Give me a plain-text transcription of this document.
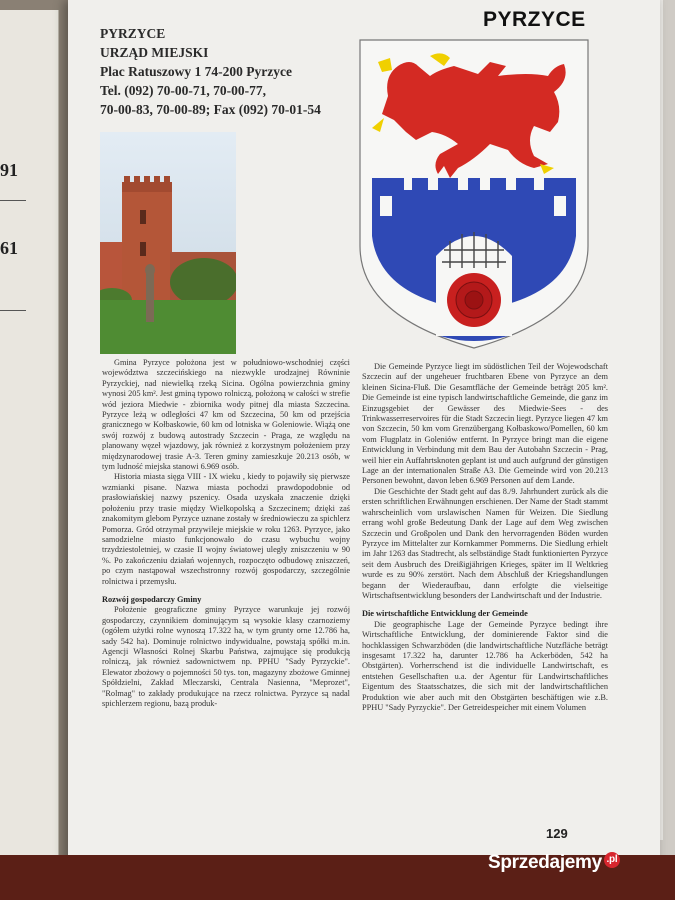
91
61
PYRZYCE
URZĄD MIEJSKI
Plac Ratuszowy 1 74-200 Pyrzyce
Tel. (092) 70-00-71, 70-00-77,
70-00-83, 70-00-89; Fax (092) 70-01-54
PYRZYCE

Gmina Pyrzyce położona jest w południowo-wschodniej części województwa szczecińskiego na niezwykle urodzajnej Równinie Pyrzyckiej, nad niewielką rzeką Sicina. Ogólna powierzchnia gminy wynosi 205 km². Jest gminą typowo rolniczą, położoną w całości w strefie wód jeziora Miedwie - zbiornika wody pitnej dla miasta Szczecina. Pyrzyce leżą w odległości 47 km od Szczecina, 50 km od przejścia granicznego w Kołbaskowie, 60 km od lotniska w Goleniowie. Wiążą one swój rozwój z budową autostrady Szczecin - Praga, ze względu na planowany węzeł wjazdowy, jak również z korzystnym położeniem przy międzynarodowej trasie A-3. Teren gminy zamieszkuje 20.213 osób, w tym ludność miejska stanowi 6.969 osób.

Historia miasta sięga VIII - IX wieku , kiedy to pojawiły się pierwsze wzmianki pisane. Nazwa miasta pochodzi prawdopodobnie od prasłowiańskiej nazwy pszenicy. Osada uzyskała znaczenie dzięki położeniu przy trasie między Wielkopolską a Szczecinem; dzięki zaś znakomitym glebom Pyrzyce uznane zostały w średniowieczu za spichlerz Pomorza. Gród otrzymał przywileje miejskie w roku 1263. Pyrzyce, jako samodzielne miasto funkcjonowało do czasu wybuchu wojny trzydziestoletniej, w czasie II wojny światowej uległy zniszczeniu w 90 %. Po zakończeniu działań wojennych, rozpoczęto odbudowę zniszczeń, po czym nastąpował wszechstronny rozwój gospodarczy, szczególnie rolnictwa i przemysłu.

Rozwój gospodarczy Gminy

Położenie geograficzne gminy Pyrzyce warunkuje jej rozwój gospodarczy, czynnikiem dominującym są wysokie klasy czarnoziemy (ogółem użytki rolne wynoszą 17.322 ha, w tym grunty orne 12.786 ha, sady 542 ha). Dominuje rolnictwo indywidualne, powstają spółki m.in. Agencji Własności Rolnej Skarbu Państwa, zajmujące się produkcją rolniczą, jak również sadownictwem np. PPHU "Sady Pyrzyckie". Elewator zbożowy o pojemności 50 tys. ton, magazyny zbożowe Gminnej Spółdzielni, Zakład Mleczarski, Centrala Nasienna, "Meprozet", "Rolmag" to zakłady produkujące na rzecz rolnictwa. Pyrzyce są nadal spichlerzem regionu, bazą produk-

Die Gemeinde Pyrzyce liegt im südöstlichen Teil der Wojewodschaft Szczecin auf der ungeheuer fruchtbaren Ebene von Pyrzyce an dem kleinen Sicina-Fluß. Die Gesamtfläche der Gemeinde beträgt 205 km². Die Gemeinde ist eine typisch landwirtschaftliche Gemeinde, die ganz im Einzugsgebiet der Gewässer des Miedwie-Sees - des Trinkwasserreservoires für die Stadt Szczecin liegt. Pyrzyce liegen 47 km von Szczecin, 50 km vom Grenzübergang Kołbaskowo/Pomellen, 60 km vom Flugplatz in Goleniów entfernt. In Pyrzyce bringt man die eigene Entwicklung in Verbindung mit dem Bau der Autobahn Szczecin - Prag, weil hier ein Auffahrtsknoten geplant ist und auch aufgrund der günstigen Lage an der internationalen Straße A3. Die Gemeinde wird von 20.213 Personen bewohnt, davon leben 6.969 Personen auf dem Lande.

Die Geschichte der Stadt geht auf das 8./9. Jahrhundert zurück als die ersten schriftlichen Erwähnungen erschienen. Der Name der Stadt stammt wahrscheinlich vom urslawischen Namen für Weizen. Die Siedlung errang wohl große Bedeutung Dank der Lage auf dem Weg zwischen Szczecin und Großpolen und Dank den hervorragenden Böden wurden Pyrzyce im Mittelalter zur Kornkammer Pommerns. Die Siedlung erhielt im Jahr 1263 das Stadtrecht, als selbständige Stadt funktionierten Pyrzyce seit dem Ausbruch des Dreißigjährigen Krieges, später im II Weltkrieg wurde es zu 90% zerstört. Nach dem Abschluß der Kriegshandlungen begann der Wiederaufbau, dann erfolgte die vielseitige Wirtschaftsentwicklung besonders der Landwirtschaft und der Industrie.

Die wirtschaftliche Entwicklung der Gemeinde

Die geographische Lage der Gemeinde Pyrzyce bedingt ihre Wirtschaftliche Entwicklung, der dominierende Faktor sind die hochklassigen Schwarzböden (die landwirtschaftliche Nutzfläche beträgt insgesamt 17.322 ha, darunter 12.786 ha Ackerböden, 542 ha Obstgärten). Vorherrschend ist die individuelle Landwirtschaft, es entstehen Gesellschaften u.a. der Agentur für Landwirtschaftliches Eigentum des Staatsschatzes, die sich mit der landwirtschaftlichen Produktion wie aber auch mit den Obstgärten beschäftigen wie z.B. PPHU "Sady Pyrzyckie". Der Getreidespeicher mit einem Volumen

129
Sprzedajemy .pl
